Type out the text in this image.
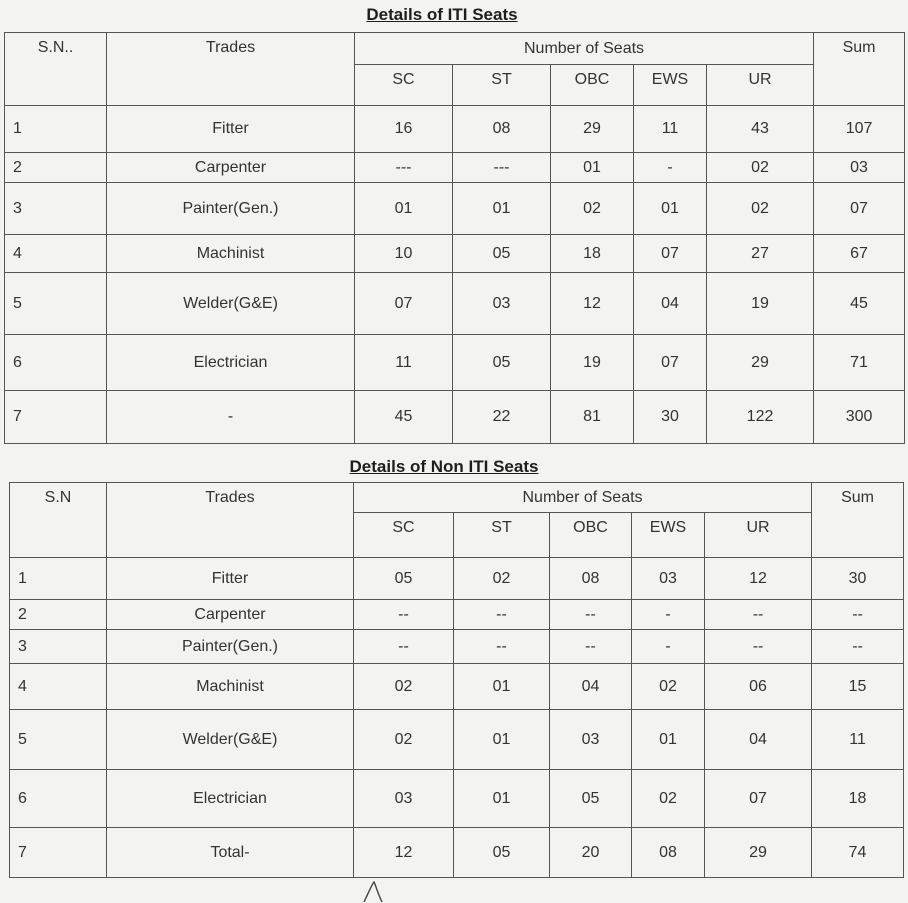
Details of ITI Seats
S.N..	Trades	Number of Seats					Sum
		SC	ST	OBC	EWS	UR	
1	Fitter	16	08	29	11	43	107
2	Carpenter	---	---	01	-	02	03
3	Painter(Gen.)	01	01	02	01	02	07
4	Machinist	10	05	18	07	27	67
5	Welder(G&E)	07	03	12	04	19	45
6	Electrician	11	05	19	07	29	71
7	-	45	22	81	30	122	300
Details of Non ITI Seats
S.N	Trades	Number of Seats					Sum
		SC	ST	OBC	EWS	UR	
1	Fitter	05	02	08	03	12	30
2	Carpenter	--	--	--	-	--	--
3	Painter(Gen.)	--	--	--	-	--	--
4	Machinist	02	01	04	02	06	15
5	Welder(G&E)	02	01	03	01	04	11
6	Electrician	03	01	05	02	07	18
7	Total-	12	05	20	08	29	74
